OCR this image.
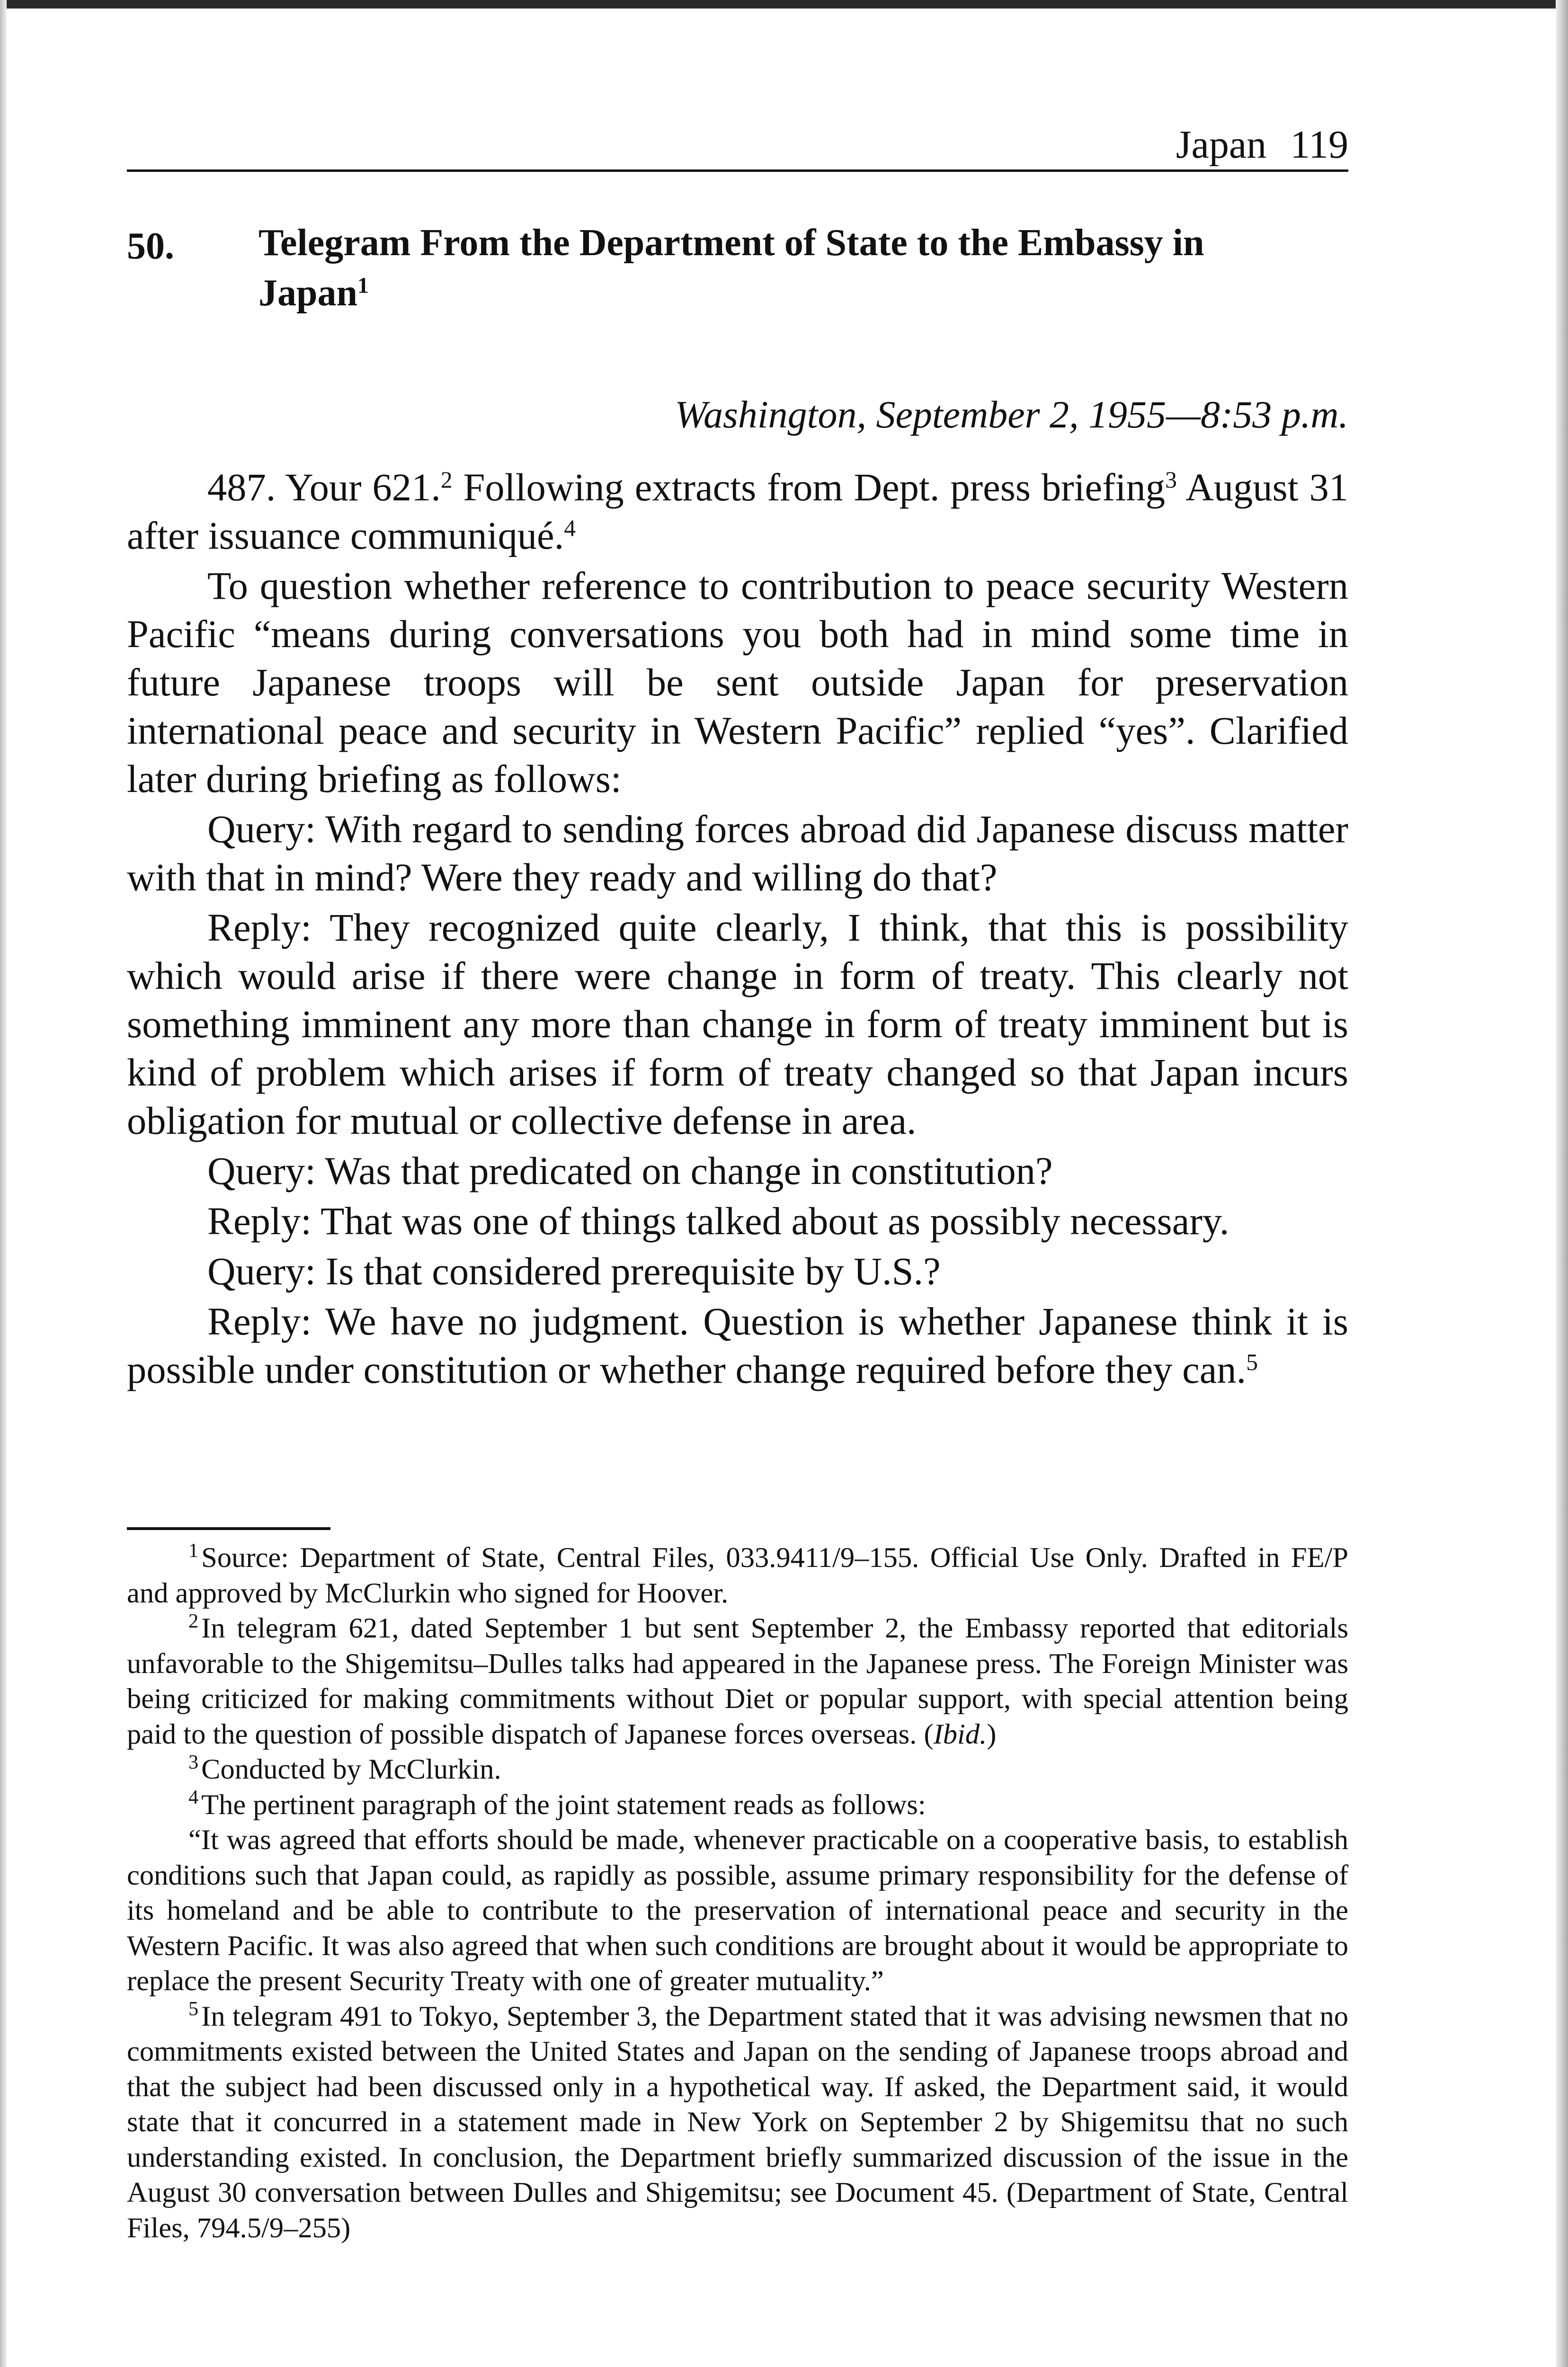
Japan 119
50. Telegram From the Department of State to the Embassy in Japan$^1$
Washington, September 2, 1955—8:53 p.m.

487. Your 621.$^2$ Following extracts from Dept. press briefing$^3$ August 31 after issuance communiqué.$^4$

To question whether reference to contribution to peace security Western Pacific “means during conversations you both had in mind some time in future Japanese troops will be sent outside Japan for preservation international peace and security in Western Pacific” replied “yes”. Clarified later during briefing as follows:

Query: With regard to sending forces abroad did Japanese discuss matter with that in mind? Were they ready and willing do that?

Reply: They recognized quite clearly, I think, that this is possibility which would arise if there were change in form of treaty. This clearly not something imminent any more than change in form of treaty imminent but is kind of problem which arises if form of treaty changed so that Japan incurs obligation for mutual or collective defense in area.

Query: Was that predicated on change in constitution?

Reply: That was one of things talked about as possibly necessary.

Query: Is that considered prerequisite by U.S.?

Reply: We have no judgment. Question is whether Japanese think it is possible under constitution or whether change required before they can.$^5$

$^1$Source: Department of State, Central Files, 033.9411/9–155. Official Use Only. Drafted in FE/P and approved by McClurkin who signed for Hoover.

$^2$In telegram 621, dated September 1 but sent September 2, the Embassy reported that editorials unfavorable to the Shigemitsu–Dulles talks had appeared in the Japanese press. The Foreign Minister was being criticized for making commitments without Diet or popular support, with special attention being paid to the question of possible dispatch of Japanese forces overseas. (Ibid.)

$^3$Conducted by McClurkin.

$^4$The pertinent paragraph of the joint statement reads as follows:

“It was agreed that efforts should be made, whenever practicable on a cooperative basis, to establish conditions such that Japan could, as rapidly as possible, assume primary responsibility for the defense of its homeland and be able to contribute to the preservation of international peace and security in the Western Pacific. It was also agreed that when such conditions are brought about it would be appropriate to replace the present Security Treaty with one of greater mutuality.”

$^5$In telegram 491 to Tokyo, September 3, the Department stated that it was advising newsmen that no commitments existed between the United States and Japan on the sending of Japanese troops abroad and that the subject had been discussed only in a hypothetical way. If asked, the Department said, it would state that it concurred in a statement made in New York on September 2 by Shigemitsu that no such understanding existed. In conclusion, the Department briefly summarized discussion of the issue in the August 30 conversation between Dulles and Shigemitsu; see Document 45. (Department of State, Central Files, 794.5/9–255)
